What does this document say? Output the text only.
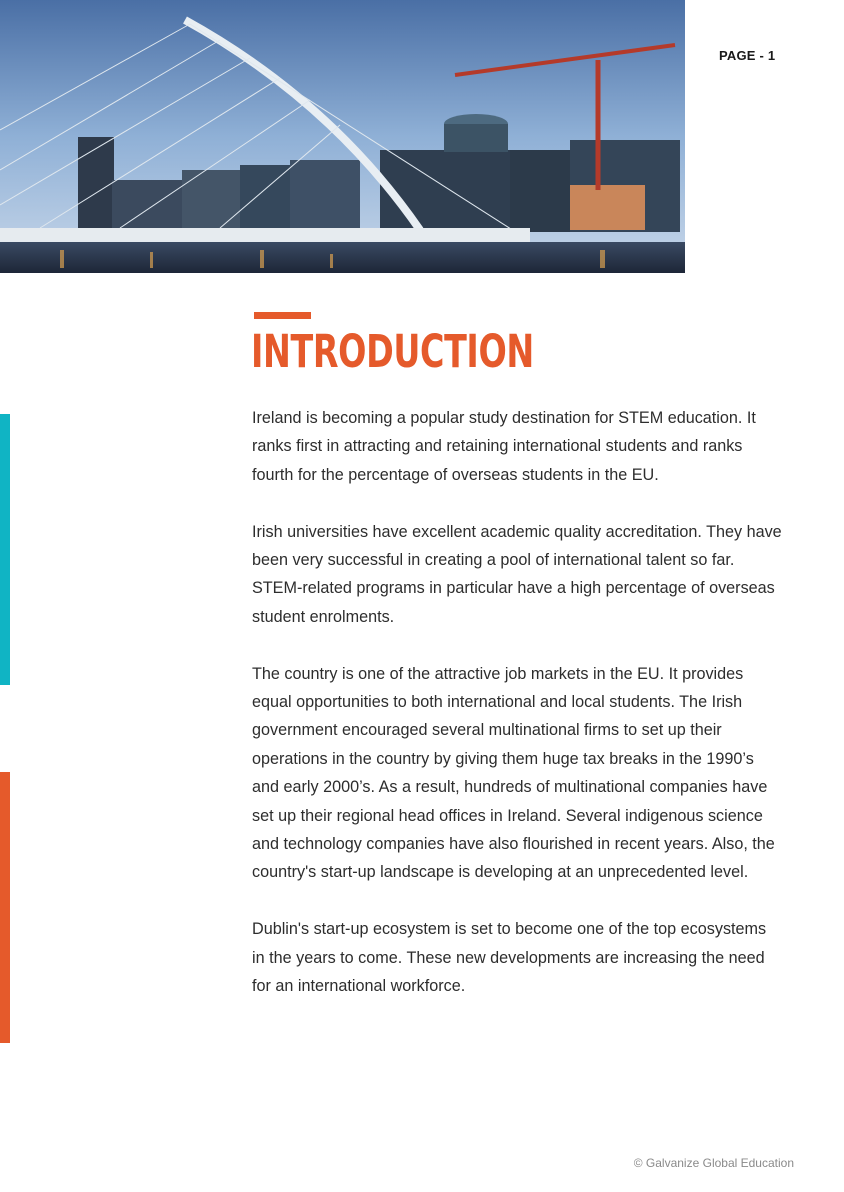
PAGE - 1
INTRODUCTION

Ireland is becoming a popular study destination for STEM education. It ranks first in attracting and retaining international students and ranks fourth for the percentage of overseas students in the EU.

Irish universities have excellent academic quality accreditation. They have been very successful in creating a pool of international talent so far. STEM-related programs in particular have a high percentage of overseas student enrolments.

The country is one of the attractive job markets in the EU. It provides equal opportunities to both international and local students. The Irish government encouraged several multinational firms to set up their operations in the country by giving them huge tax breaks in the 1990’s and early 2000’s. As a result, hundreds of multinational companies have set up their regional head offices in Ireland. Several indigenous science and technology companies have also flourished in recent years. Also, the country's start-up landscape is developing at an unprecedented level.

Dublin's start-up ecosystem is set to become one of the top ecosystems in the years to come. These new developments are increasing the need for an international workforce.

© Galvanize Global Education
